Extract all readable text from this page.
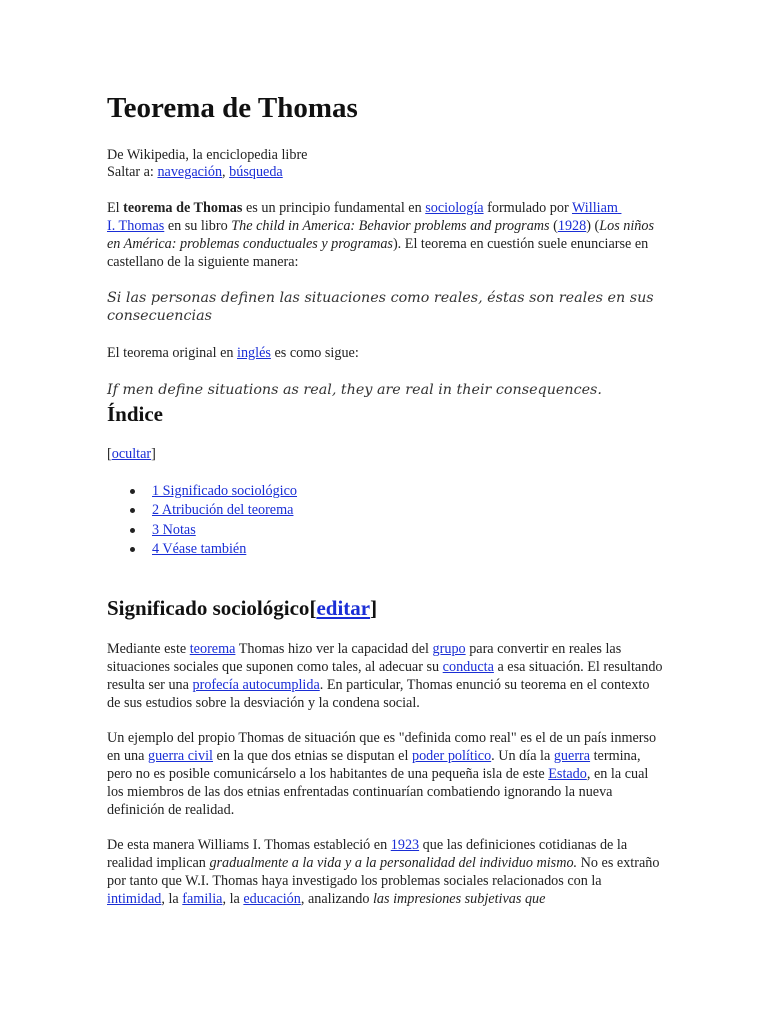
Teorema de Thomas
De Wikipedia, la enciclopedia libre
Saltar a: navegación, búsqueda
El teorema de Thomas es un principio fundamental en sociología formulado por William
I. Thomas en su libro The child in America: Behavior problems and programs (1928) (Los niños en América: problemas conductuales y programas). El teorema en cuestión suele enunciarse en castellano de la siguiente manera:
Si las personas definen las situaciones como reales, éstas son reales en sus consecuencias
El teorema original en inglés es como sigue:
If men define situations as real, they are real in their consequences.
Índice
[ocultar]
1 Significado sociológico
2 Atribución del teorema
3 Notas
4 Véase también
Significado sociológico[editar]
Mediante este teorema Thomas hizo ver la capacidad del grupo para convertir en reales las situaciones sociales que suponen como tales, al adecuar su conducta a esa situación. El resultando resulta ser una profecía autocumplida. En particular, Thomas enunció su teorema en el contexto de sus estudios sobre la desviación y la condena social.
Un ejemplo del propio Thomas de situación que es "definida como real" es el de un país inmerso en una guerra civil en la que dos etnias se disputan el poder político. Un día la guerra termina, pero no es posible comunicárselo a los habitantes de una pequeña isla de este Estado, en la cual los miembros de las dos etnias enfrentadas continuarían combatiendo ignorando la nueva definición de realidad.
De esta manera Williams I. Thomas estableció en 1923 que las definiciones cotidianas de la realidad implican gradualmente a la vida y a la personalidad del individuo mismo. No es extraño por tanto que W.I. Thomas haya investigado los problemas sociales relacionados con la intimidad, la familia, la educación, analizando las impresiones subjetivas que
